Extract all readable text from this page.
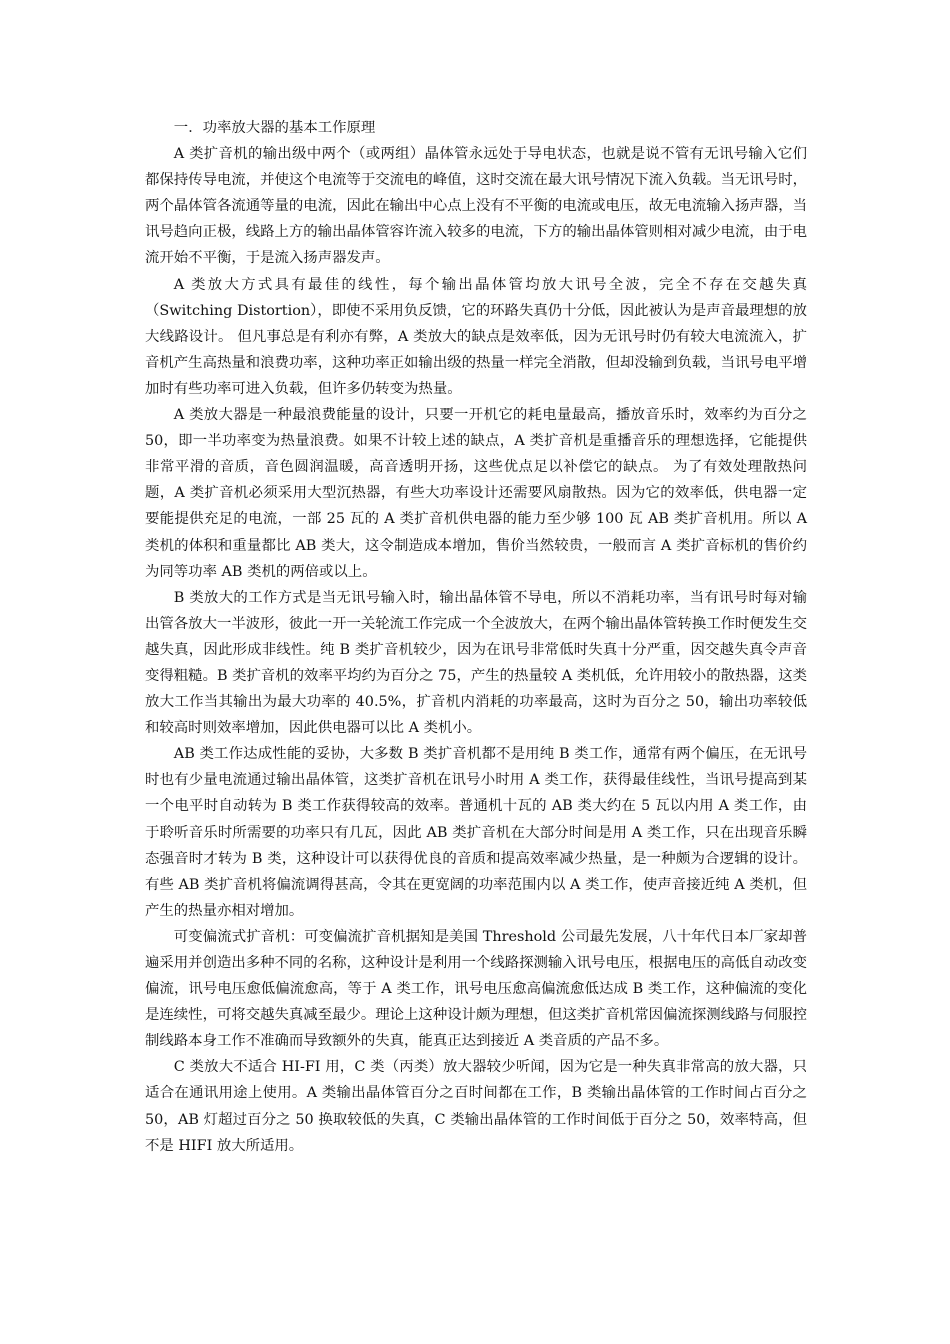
一．功率放大器的基本工作原理

A 类扩音机的输出级中两个（或两组）晶体管永远处于导电状态，也就是说不管有无讯号输入它们都保持传导电流，并使这个电流等于交流电的峰值，这时交流在最大讯号情况下流入负载。当无讯号时，两个晶体管各流通等量的电流，因此在输出中心点上没有不平衡的电流或电压，故无电流输入扬声器，当讯号趋向正极，线路上方的输出晶体管容许流入较多的电流，下方的输出晶体管则相对减少电流，由于电流开始不平衡，于是流入扬声器发声。

A 类放大方式具有最佳的线性，每个输出晶体管均放大讯号全波，完全不存在交越失真（Switching Distortion），即使不采用负反馈，它的环路失真仍十分低，因此被认为是声音最理想的放大线路设计。 但凡事总是有利亦有弊，A 类放大的缺点是效率低，因为无讯号时仍有较大电流流入，扩音机产生高热量和浪费功率，这种功率正如输出级的热量一样完全消散，但却没输到负载，当讯号电平增加时有些功率可进入负载，但许多仍转变为热量。

A 类放大器是一种最浪费能量的设计，只要一开机它的耗电量最高，播放音乐时，效率约为百分之 50，即一半功率变为热量浪费。如果不计较上述的缺点，A 类扩音机是重播音乐的理想选择，它能提供非常平滑的音质，音色圆润温暖，高音透明开扬，这些优点足以补偿它的缺点。 为了有效处理散热问题，A 类扩音机必须采用大型沉热器，有些大功率设计还需要风扇散热。因为它的效率低，供电器一定要能提供充足的电流，一部 25 瓦的 A 类扩音机供电器的能力至少够 100 瓦 AB 类扩音机用。所以 A 类机的体积和重量都比 AB 类大，这令制造成本增加，售价当然较贵，一般而言 A 类扩音标机的售价约为同等功率 AB 类机的两倍或以上。

B 类放大的工作方式是当无讯号输入时，输出晶体管不导电，所以不消耗功率，当有讯号时每对输出管各放大一半波形，彼此一开一关轮流工作完成一个全波放大，在两个输出晶体管转换工作时便发生交越失真，因此形成非线性。纯 B 类扩音机较少，因为在讯号非常低时失真十分严重，因交越失真令声音变得粗糙。B 类扩音机的效率平均约为百分之 75，产生的热量较 A 类机低，允许用较小的散热器，这类放大工作当其输出为最大功率的 40.5%，扩音机内消耗的功率最高，这时为百分之 50，输出功率较低和较高时则效率增加，因此供电器可以比 A 类机小。

AB 类工作达成性能的妥协，大多数 B 类扩音机都不是用纯 B 类工作，通常有两个偏压，在无讯号时也有少量电流通过输出晶体管，这类扩音机在讯号小时用 A 类工作，获得最佳线性，当讯号提高到某一个电平时自动转为 B 类工作获得较高的效率。普通机十瓦的 AB 类大约在 5 瓦以内用 A 类工作，由于聆听音乐时所需要的功率只有几瓦，因此 AB 类扩音机在大部分时间是用 A 类工作，只在出现音乐瞬态强音时才转为 B 类，这种设计可以获得优良的音质和提高效率减少热量，是一种颇为合逻辑的设计。 有些 AB 类扩音机将偏流调得甚高，令其在更宽阔的功率范围内以 A 类工作，使声音接近纯 A 类机，但产生的热量亦相对增加。

可变偏流式扩音机：可变偏流扩音机据知是美国 Threshold 公司最先发展，八十年代日本厂家却普遍采用并创造出多种不同的名称，这种设计是利用一个线路探测输入讯号电压，根据电压的高低自动改变偏流，讯号电压愈低偏流愈高，等于 A 类工作，讯号电压愈高偏流愈低达成 B 类工作，这种偏流的变化是连续性，可将交越失真减至最少。理论上这种设计颇为理想，但这类扩音机常因偏流探测线路与伺服控制线路本身工作不准确而导致额外的失真，能真正达到接近 A 类音质的产品不多。

C 类放大不适合 HI-FI 用，C 类（丙类）放大器较少听闻，因为它是一种失真非常高的放大器，只适合在通讯用途上使用。A 类输出晶体管百分之百时间都在工作，B 类输出晶体管的工作时间占百分之 50，AB 灯超过百分之 50 换取较低的失真，C 类输出晶体管的工作时间低于百分之 50，效率特高，但不是 HIFI 放大所适用。
